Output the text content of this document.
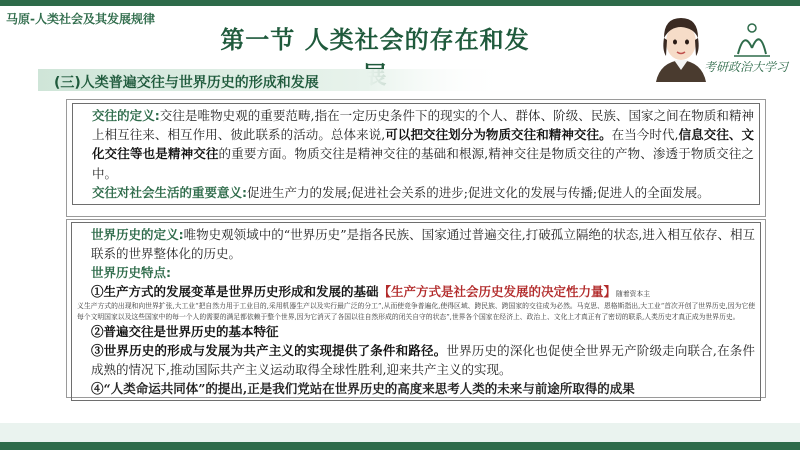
马原-人类社会及其发展规律
第一节 人类社会的存在和发
考研政治大学习
(三)人类普遍交往与世界历史的形成和发展
交往的定义:交往是唯物史观的重要范畴,指在一定历史条件下的现实的个人、群体、阶级、民族、国家之间在物质和精神上相互往来、相互作用、彼此联系的活动。总体来说,可以把交往划分为物质交往和精神交往。在当今时代,信息交往、文化交往等也是精神交往的重要方面。物质交往是精神交往的基础和根源,精神交往是物质交往的产物、渗透于物质交往之中。
交往对社会生活的重要意义:促进生产力的发展;促进社会关系的进步;促进文化的发展与传播;促进人的全面发展。
世界历史的定义:唯物史观领域中的“世界历史”是指各民族、国家通过普遍交往,打破孤立隔绝的状态,进入相互依存、相互联系的世界整体化的历史。
世界历史特点:
①生产方式的发展变革是世界历史形成和发展的基础【生产方式是社会历史发展的决定性力量】随着资本主
义生产方式的出现和向世界扩张,大工业“把自然力用于工业目的,采用机器生产以及实行最广泛的分工”,从而使竞争普遍化,使得区域、跨民族、跨国家的交往成为必然。马克思、恩格斯指出,大工业“首次开创了世界历史,因为它使每个文明国家以及这些国家中的每一个人的需要的满足都依赖于整个世界,因为它消灭了各国以往自然形成的闭关自守的状态”,世界各个国家在经济上、政治上、文化上才真正有了密切的联系,人类历史才真正成为世界历史。
②普遍交往是世界历史的基本特征
③世界历史的形成与发展为共产主义的实现提供了条件和路径。世界历史的深化也促使全世界无产阶级走向联合,在条件成熟的情况下,推动国际共产主义运动取得全球性胜利,迎来共产主义的实现。
④“人类命运共同体”的提出,正是我们党站在世界历史的高度来思考人类的未来与前途所取得的成果
